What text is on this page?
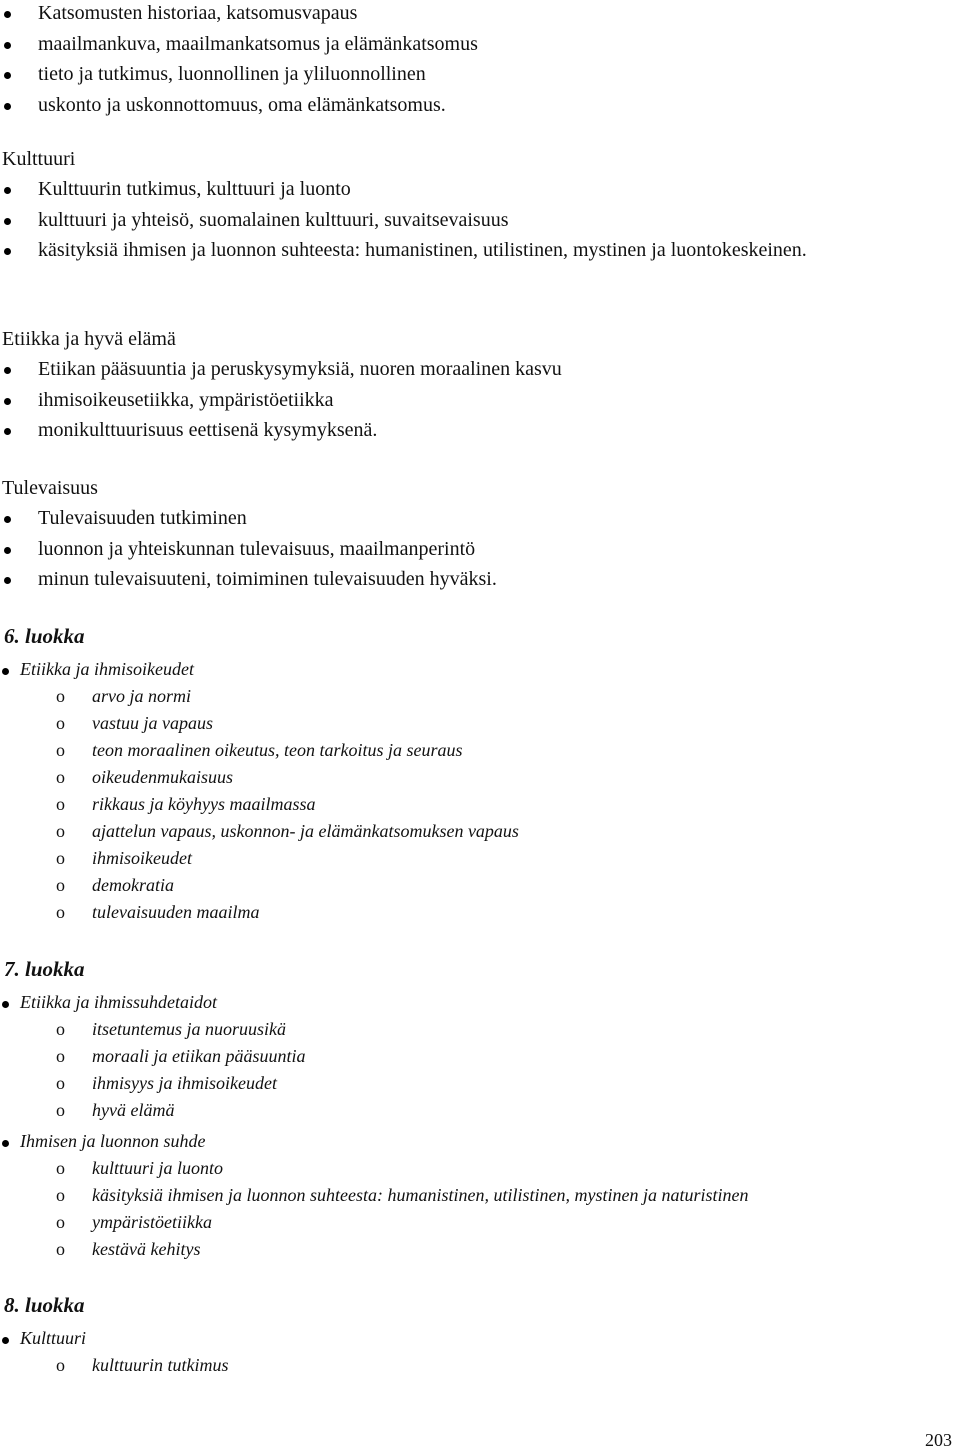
Katsomusten historiaa, katsomusvapaus
maailmankuva, maailmankatsomus ja elämänkatsomus
tieto ja tutkimus, luonnollinen ja yliluonnollinen
uskonto ja uskonnottomuus, oma elämänkatsomus.

Kulttuuri

Kulttuurin tutkimus, kulttuuri ja luonto
kulttuuri ja yhteisö, suomalainen kulttuuri, suvaitsevaisuus
käsityksiä ihmisen ja luonnon suhteesta: humanistinen, utilistinen, mystinen ja luontokeskeinen.

Etiikka ja hyvä elämä

Etiikan pääsuuntia ja peruskysymyksiä, nuoren moraalinen kasvu
ihmisoikeusetiikka, ympäristöetiikka
monikulttuurisuus eettisenä kysymyksenä.

Tulevaisuus

Tulevaisuuden tutkiminen
luonnon ja yhteiskunnan tulevaisuus, maailmanperintö
minun tulevaisuuteni, toimiminen tulevaisuuden hyväksi.

6. luokka

Etiikka ja ihmisoikeudet
o arvo ja normi
o vastuu ja vapaus
o teon moraalinen oikeutus, teon tarkoitus ja seuraus
o oikeudenmukaisuus
o rikkaus ja köyhyys maailmassa
o ajattelun vapaus, uskonnon- ja elämänkatsomuksen vapaus
o ihmisoikeudet
o demokratia
o tulevaisuuden maailma

7. luokka

Etiikka ja ihmissuhdetaidot
o itsetuntemus ja nuoruusikä
o moraali ja etiikan pääsuuntia
o ihmisyys ja ihmisoikeudet
o hyvä elämä
Ihmisen ja luonnon suhde
o kulttuuri ja luonto
o käsityksiä ihmisen ja luonnon suhteesta: humanistinen, utilistinen, mystinen ja naturistinen
o ympäristöetiikka
o kestävä kehitys

8. luokka

Kulttuuri
o kulttuurin tutkimus
203
